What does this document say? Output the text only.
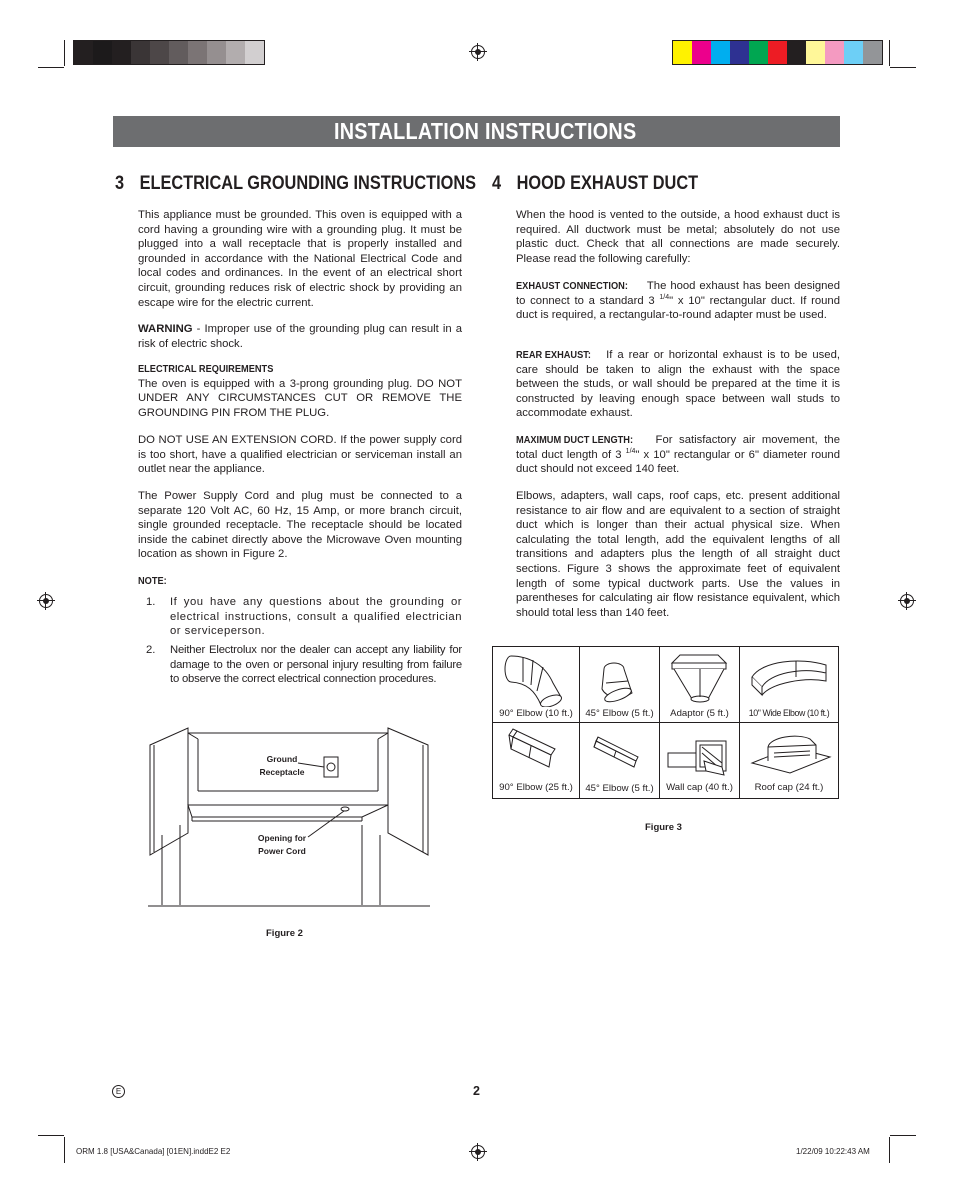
INSTALLATION INSTRUCTIONS
3 ELECTRICAL GROUNDING INSTRUCTIONS 4 HOOD EXHAUST DUCT

This appliance must be grounded. This oven is equipped with a cord having a grounding wire with a grounding plug. It must be plugged into a wall receptacle that is properly installed and grounded in accordance with the National Electrical Code and local codes and ordinances. In the event of an electrical short circuit, grounding reduces risk of electric shock by providing an escape wire for the electric current.

WARNING - Improper use of the grounding plug can result in a risk of electric shock.

ELECTRICAL REQUIREMENTS

The oven is equipped with a 3-prong grounding plug. DO NOT UNDER ANY CIRCUMSTANCES CUT OR REMOVE THE GROUNDING PIN FROM THE PLUG.

DO NOT USE AN EXTENSION CORD. If the power supply cord is too short, have a qualified electrician or serviceman install an outlet near the appliance.

The Power Supply Cord and plug must be connected to a separate 120 Volt AC, 60 Hz, 15 Amp, or more branch circuit, single grounded receptacle. The receptacle should be located inside the cabinet directly above the Microwave Oven mounting location as shown in Figure 2.

NOTE:

1. If you have any questions about the grounding or electrical instructions, consult a qualified electrician or serviceperson.
2. Neither Electrolux nor the dealer can accept any liability for damage to the oven or personal injury resulting from failure to observe the correct electrical connection procedures.
Ground
Receptacle
Opening for
Power Cord
Figure 2

When the hood is vented to the outside, a hood exhaust duct is required. All ductwork must be metal; absolutely do not use plastic duct. Check that all connections are made securely. Please read the following carefully:

EXHAUST CONNECTION: The hood exhaust has been designed to connect to a standard 3 $^{1/4}$" x 10" rectangular duct. If round duct is required, a rectangular-to-round adapter must be used.

REAR EXHAUST: If a rear or horizontal exhaust is to be used, care should be taken to align the exhaust with the space between the studs, or wall should be prepared at the time it is constructed by leaving enough space between wall studs to accommodate exhaust.

MAXIMUM DUCT LENGTH: For satisfactory air movement, the total duct length of 3 $^{1/4}$" x 10" rectangular or 6" diameter round duct should not exceed 140 feet.

Elbows, adapters, wall caps, roof caps, etc. present additional resistance to air flow and are equivalent to a section of straight duct which is longer than their actual physical size. When calculating the total length, add the equivalent lengths of all transitions and adapters plus the length of all straight duct sections. Figure 3 shows the approximate feet of equivalent length of some typical ductwork parts. Use the values in parentheses for calculating air flow resistance equivalent, which should total less than 140 feet.

90° Elbow (10 ft.)	45° Elbow (5 ft.)	Adaptor (5 ft.)	10" Wide Elbow (10 ft.)
90° Elbow (25 ft.)	45° Elbow (5 ft.)	Wall cap (40 ft.)	Roof cap (24 ft.)
Figure 3
E	2
ORM 1.8 [USA&Canada] [01EN].inddE2 E2	1/22/09 10:22:43 AM
